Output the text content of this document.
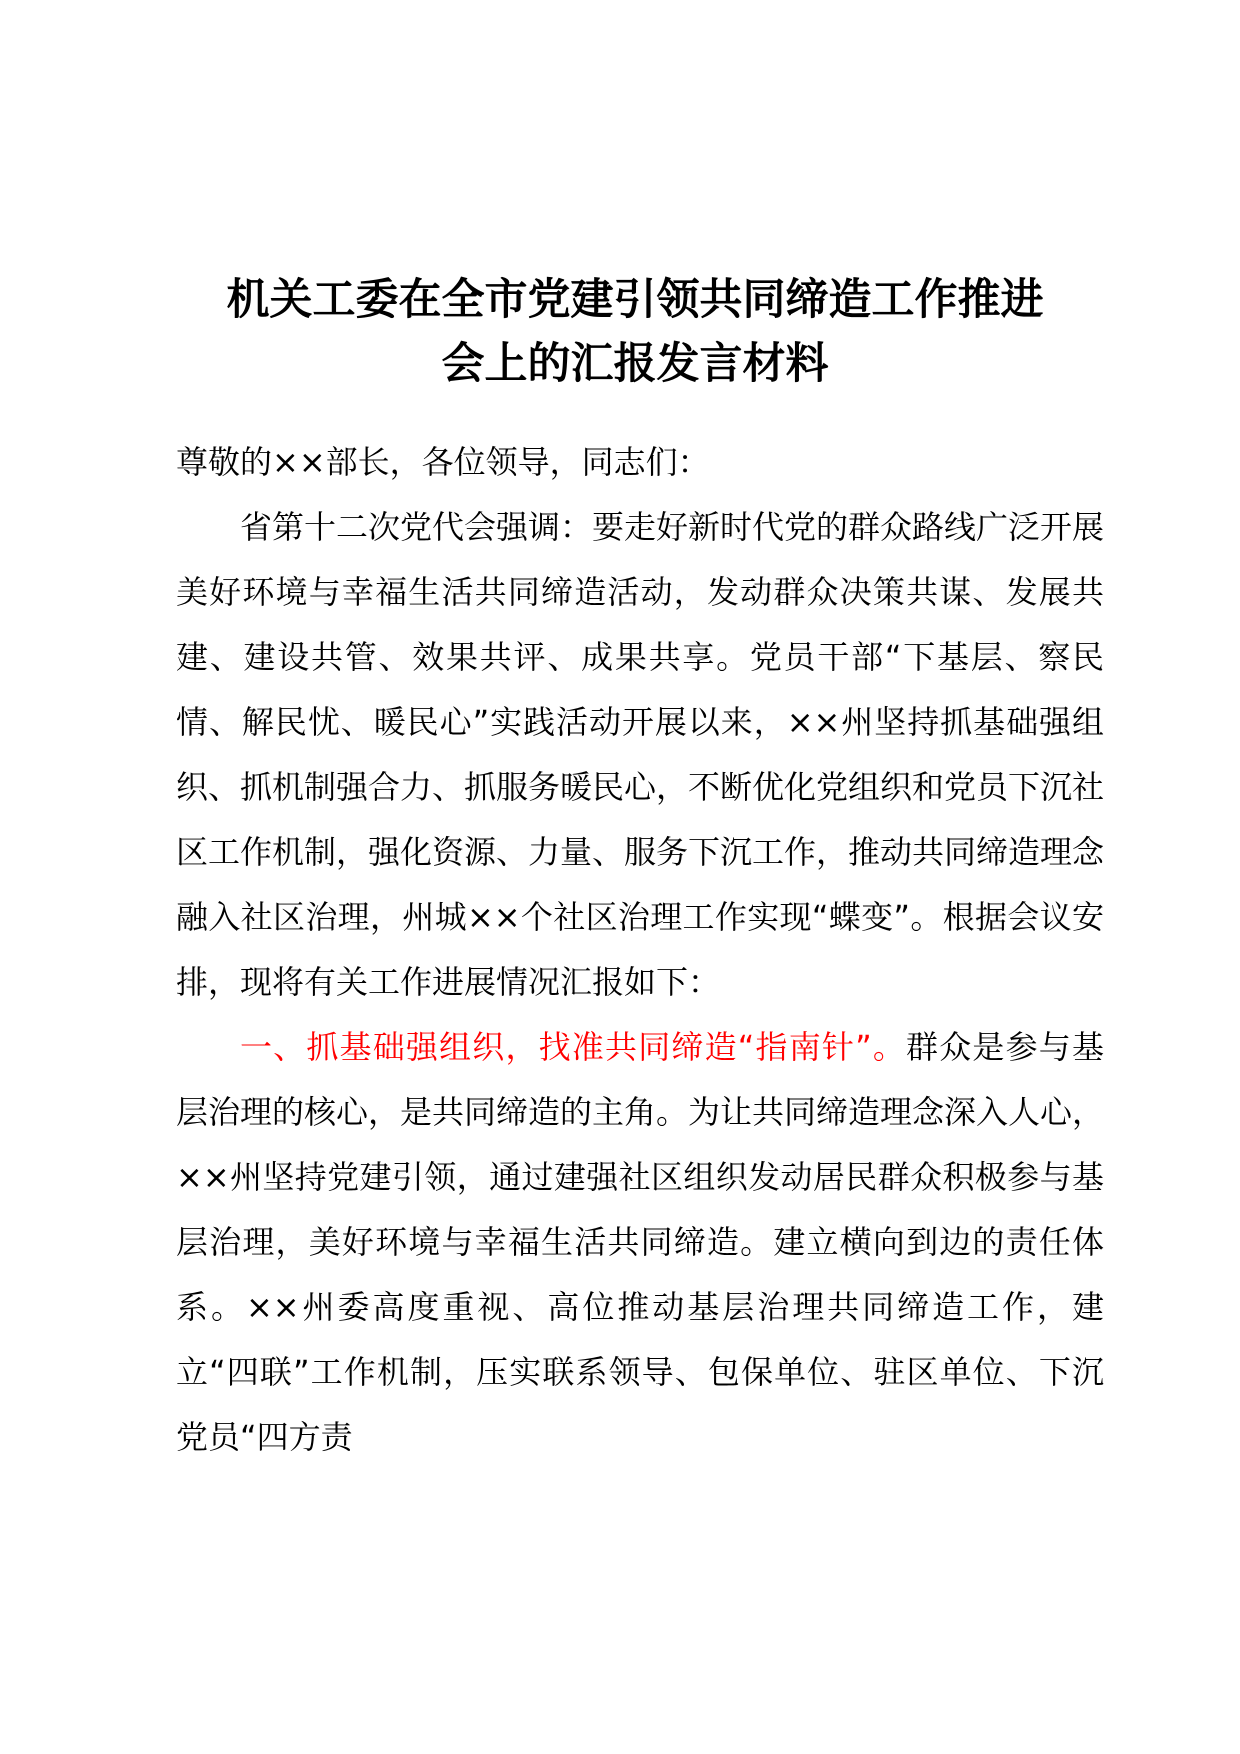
机关工委在全市党建引领共同缔造工作推进
会上的汇报发言材料

尊敬的××部长，各位领导，同志们：

省第十二次党代会强调：要走好新时代党的群众路线广泛开展美好环境与幸福生活共同缔造活动，发动群众决策共谋、发展共建、建设共管、效果共评、成果共享。党员干部“下基层、察民情、解民忧、暖民心”实践活动开展以来，××州坚持抓基础强组织、抓机制强合力、抓服务暖民心，不断优化党组织和党员下沉社区工作机制，强化资源、力量、服务下沉工作，推动共同缔造理念融入社区治理，州城××个社区治理工作实现“蝶变”。根据会议安排，现将有关工作进展情况汇报如下：

一、抓基础强组织，找准共同缔造“指南针”。群众是参与基层治理的核心，是共同缔造的主角。为让共同缔造理念深入人心，××州坚持党建引领，通过建强社区组织发动居民群众积极参与基层治理，美好环境与幸福生活共同缔造。建立横向到边的责任体系。××州委高度重视、高位推动基层治理共同缔造工作，建立“四联”工作机制，压实联系领导、包保单位、驻区单位、下沉党员“四方责
